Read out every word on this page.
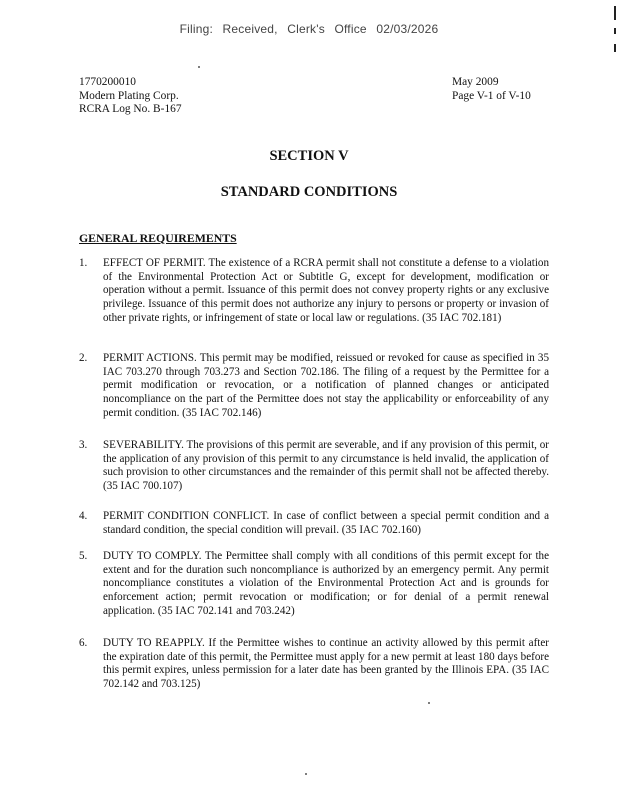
Filing: Received, Clerk's Office 02/03/2026
1770200010
Modern Plating Corp.
RCRA Log No. B-167
May 2009
Page V-1 of V-10
SECTION V
STANDARD CONDITIONS
GENERAL REQUIREMENTS
1.	EFFECT OF PERMIT. The existence of a RCRA permit shall not constitute a defense to a violation of the Environmental Protection Act or Subtitle G, except for development, modification or operation without a permit. Issuance of this permit does not convey property rights or any exclusive privilege. Issuance of this permit does not authorize any injury to persons or property or invasion of other private rights, or infringement of state or local law or regulations. (35 IAC 702.181)
2.	PERMIT ACTIONS. This permit may be modified, reissued or revoked for cause as specified in 35 IAC 703.270 through 703.273 and Section 702.186. The filing of a request by the Permittee for a permit modification or revocation, or a notification of planned changes or anticipated noncompliance on the part of the Permittee does not stay the applicability or enforceability of any permit condition. (35 IAC 702.146)
3.	SEVERABILITY. The provisions of this permit are severable, and if any provision of this permit, or the application of any provision of this permit to any circumstance is held invalid, the application of such provision to other circumstances and the remainder of this permit shall not be affected thereby. (35 IAC 700.107)
4.	PERMIT CONDITION CONFLICT. In case of conflict between a special permit condition and a standard condition, the special condition will prevail. (35 IAC 702.160)
5.	DUTY TO COMPLY. The Permittee shall comply with all conditions of this permit except for the extent and for the duration such noncompliance is authorized by an emergency permit. Any permit noncompliance constitutes a violation of the Environmental Protection Act and is grounds for enforcement action; permit revocation or modification; or for denial of a permit renewal application. (35 IAC 702.141 and 703.242)
6.	DUTY TO REAPPLY. If the Permittee wishes to continue an activity allowed by this permit after the expiration date of this permit, the Permittee must apply for a new permit at least 180 days before this permit expires, unless permission for a later date has been granted by the Illinois EPA. (35 IAC 702.142 and 703.125)
